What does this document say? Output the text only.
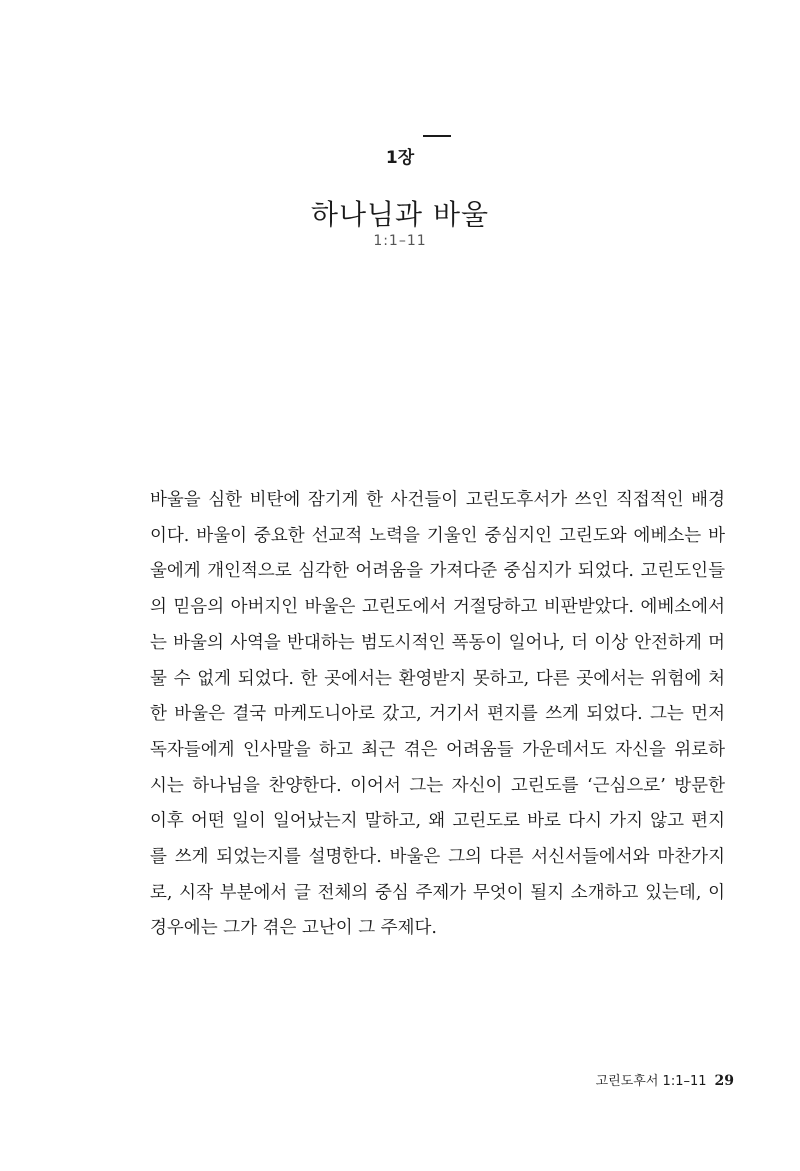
1장
하나님과 바울
1:1–11
바울을 심한 비탄에 잠기게 한 사건들이 고린도후서가 쓰인 직접적인 배경
이다. 바울이 중요한 선교적 노력을 기울인 중심지인 고린도와 에베소는 바
울에게 개인적으로 심각한 어려움을 가져다준 중심지가 되었다. 고린도인들
의 믿음의 아버지인 바울은 고린도에서 거절당하고 비판받았다. 에베소에서
는 바울의 사역을 반대하는 범도시적인 폭동이 일어나, 더 이상 안전하게 머
물 수 없게 되었다. 한 곳에서는 환영받지 못하고, 다른 곳에서는 위험에 처
한 바울은 결국 마케도니아로 갔고, 거기서 편지를 쓰게 되었다. 그는 먼저
독자들에게 인사말을 하고 최근 겪은 어려움들 가운데서도 자신을 위로하
시는 하나님을 찬양한다. 이어서 그는 자신이 고린도를 ‘근심으로’ 방문한
이후 어떤 일이 일어났는지 말하고, 왜 고린도로 바로 다시 가지 않고 편지
를 쓰게 되었는지를 설명한다. 바울은 그의 다른 서신서들에서와 마찬가지
로, 시작 부분에서 글 전체의 중심 주제가 무엇이 될지 소개하고 있는데, 이
경우에는 그가 겪은 고난이 그 주제다.
고린도후서 1:1–11 29
